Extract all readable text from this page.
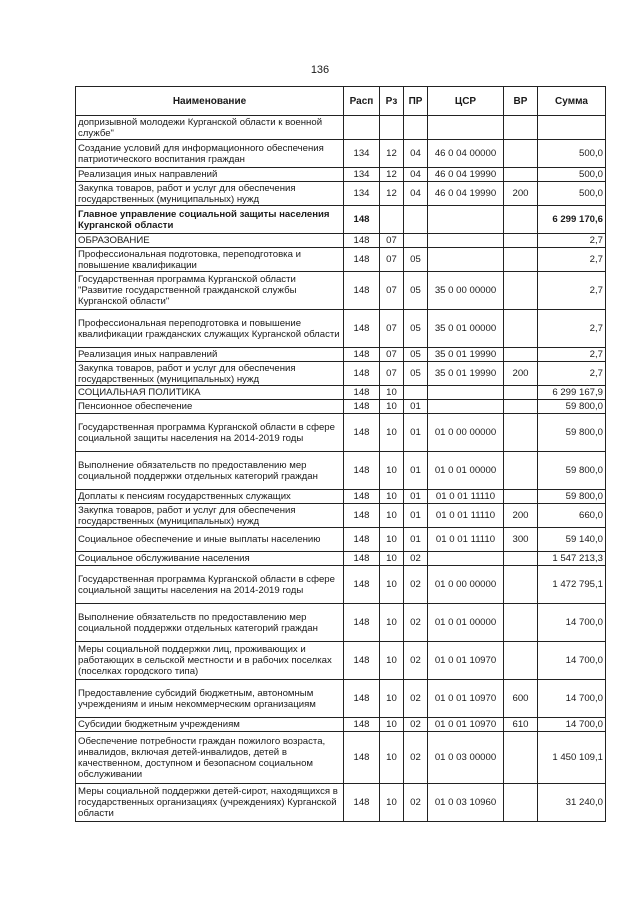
136
Наименование	Расп	Рз	ПР	ЦСР	ВР	Сумма
допризывной молодежи Курганской области к военной службе"						
Создание условий для информационного обеспечения патриотического воспитания граждан	134	12	04	46 0 04 00000		500,0
Реализация иных направлений	134	12	04	46 0 04 19990		500,0
Закупка товаров, работ и услуг для обеспечения государственных (муниципальных) нужд	134	12	04	46 0 04 19990	200	500,0
Главное управление социальной защиты населения Курганской области	148					6 299 170,6
ОБРАЗОВАНИЕ	148	07				2,7
Профессиональная подготовка, переподготовка и повышение квалификации	148	07	05			2,7
Государственная программа Курганской области "Развитие государственной гражданской службы Курганской области"	148	07	05	35 0 00 00000		2,7
Профессиональная переподготовка и повышение квалификации гражданских служащих Курганской области	148	07	05	35 0 01 00000		2,7
Реализация иных направлений	148	07	05	35 0 01 19990		2,7
Закупка товаров, работ и услуг для обеспечения государственных (муниципальных) нужд	148	07	05	35 0 01 19990	200	2,7
СОЦИАЛЬНАЯ ПОЛИТИКА	148	10				6 299 167,9
Пенсионное обеспечение	148	10	01			59 800,0
Государственная программа Курганской области в сфере социальной защиты населения на 2014-2019 годы	148	10	01	01 0 00 00000		59 800,0
Выполнение обязательств по предоставлению мер социальной поддержки отдельных категорий граждан	148	10	01	01 0 01 00000		59 800,0
Доплаты к пенсиям государственных служащих	148	10	01	01 0 01 11110		59 800,0
Закупка товаров, работ и услуг для обеспечения государственных (муниципальных) нужд	148	10	01	01 0 01 11110	200	660,0
Социальное обеспечение и иные выплаты населению	148	10	01	01 0 01 11110	300	59 140,0
Социальное обслуживание населения	148	10	02			1 547 213,3
Государственная программа Курганской области в сфере социальной защиты населения на 2014-2019 годы	148	10	02	01 0 00 00000		1 472 795,1
Выполнение обязательств по предоставлению мер социальной поддержки отдельных категорий граждан	148	10	02	01 0 01 00000		14 700,0
Меры социальной поддержки лиц, проживающих и работающих в сельской местности и в рабочих поселках (поселках городского типа)	148	10	02	01 0 01 10970		14 700,0
Предоставление субсидий бюджетным, автономным учреждениям и иным некоммерческим организациям	148	10	02	01 0 01 10970	600	14 700,0
Субсидии бюджетным учреждениям	148	10	02	01 0 01 10970	610	14 700,0
Обеспечение потребности граждан пожилого возраста, инвалидов, включая детей-инвалидов, детей в качественном, доступном и безопасном социальном обслуживании	148	10	02	01 0 03 00000		1 450 109,1
Меры социальной поддержки детей-сирот, находящихся в государственных организациях (учреждениях) Курганской области	148	10	02	01 0 03 10960		31 240,0
